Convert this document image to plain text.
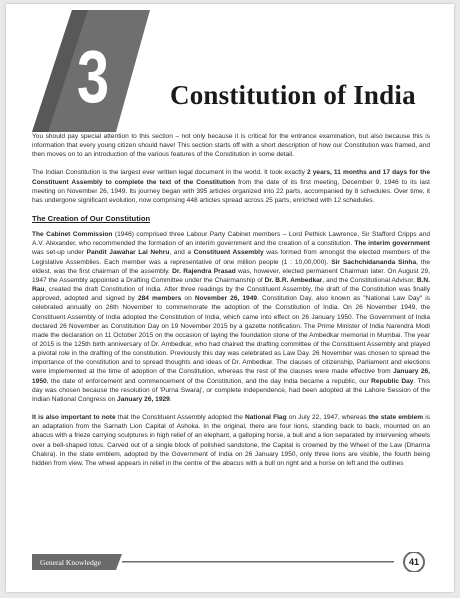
3	Constitution of India

You should pay special attention to this section – not only because it is critical for the entrance examination, but also because this is information that every young citizen should have! This section starts off with a short description of how our Constitution was framed, and then moves on to an introduction of the various features of the Constitution in some detail.

The Indian Constitution is the largest ever written legal document in the world. It took exactly 2 years, 11 months and 17 days for the Constituent Assembly to complete the text of the Constitution from the date of its first meeting, December 9, 1946 to its last meeting on November 26, 1949. Its journey began with 395 articles organized into 22 parts, accompanied by 8 schedules. Over time, it has undergone significant evolution, now comprising 448 articles spread across 25 parts, enriched with 12 schedules.

The Creation of Our Constitution

The Cabinet Commission (1946) comprised three Labour Party Cabinet members – Lord Pethick Lawrence, Sir Stafford Cripps and A.V. Alexander, who recommended the formation of an interim government and the creation of a constitution. The interim government was set-up under Pandit Jawahar Lal Nehru, and a Constituent Assembly was formed from amongst the elected members of the Legislative Assemblies. Each member was a representative of one million people (1 : 10,00,000). Sir Sachchidananda Sinha, the eldest, was the first chairman of the assembly. Dr. Rajendra Prasad was, however, elected permanent Chairman later. On August 29, 1947 the Assembly appointed a Drafting Committee under the Chairmanship of Dr. B.R. Ambedkar, and the Constitutional Advisor, B.N. Rau, created the draft Constitution of India. After three readings by the Constituent Assembly, the draft of the Constitution was finally approved, adopted and signed by 284 members on November 26, 1949. Constitution Day, also known as "National Law Day" is celebrated annually on 26th November to commemorate the adoption of the Constitution of India. On 26 November 1949, the Constituent Assembly of India adopted the Constitution of India, which came into effect on 26 January 1950. The Government of India declared 26 November as Constitution Day on 19 November 2015 by a gazette notification. The Prime Minister of India Narendra Modi made the declaration on 11 October 2015 on the occasion of laying the foundation stone of the Ambedkar memorial in Mumbai. The year of 2015 is the 125th birth anniversary of Dr. Ambedkar, who had chaired the drafting committee of the Constituent Assembly and played a pivotal role in the drafting of the constitution. Previously this day was celebrated as Law Day. 26 November was chosen to spread the importance of the constitution and to spread thoughts and ideas of Dr. Ambedkar. The clauses of citizenship, Parliament and elections were implemented at the time of adoption of the Constitution, whereas the rest of the clauses were made effective from January 26, 1950, the date of enforcement and commencement of the Constitution, and the day India became a republic, our Republic Day. This day was chosen because the resolution of 'Purna Swaraj', or complete independence, had been adopted at the Lahore Session of the Indian National Congress on January 26, 1929.

It is also important to note that the Constituent Assembly adopted the National Flag on July 22, 1947, whereas the state emblem is an adaptation from the Sarnath Lion Capital of Ashoka. In the original, there are four lions, standing back to back, mounted on an abacus with a frieze carrying sculptures in high relief of an elephant, a galloping horse, a bull and a lion separated by intervening wheels over a bell-shaped lotus. Carved out of a single block of polished sandstone, the Capital is crowned by the Wheel of the Law (Dharma Chakra). In the state emblem, adopted by the Government of India on 26 January 1950, only three lions are visible, the fourth being hidden from view. The wheel appears in relief in the centre of the abacus with a bull on right and a horse on left and the outlines

General Knowledge	41
